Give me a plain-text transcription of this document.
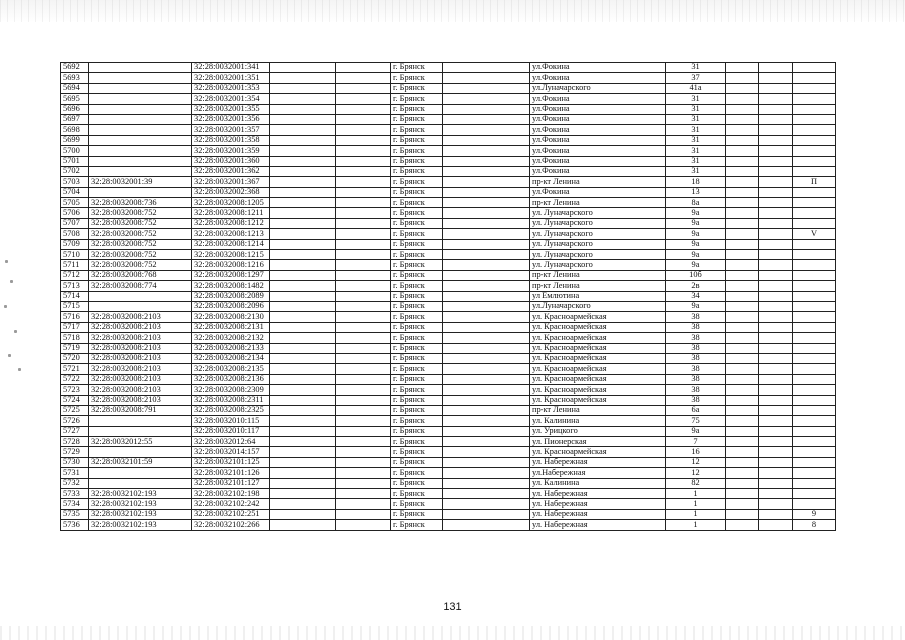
5692		32:28:0032001:341			г. Брянск		ул.Фокина	31			
5693		32:28:0032001:351			г. Брянск		ул.Фокина	37			
5694		32:28:0032001:353			г. Брянск		ул.Луначарского	41а			
5695		32:28:0032001:354			г. Брянск		ул.Фокина	31			
5696		32:28:0032001:355			г. Брянск		ул.Фокина	31			
5697		32:28:0032001:356			г. Брянск		ул.Фокина	31			
5698		32:28:0032001:357			г. Брянск		ул.Фокина	31			
5699		32:28:0032001:358			г. Брянск		ул.Фокина	31			
5700		32:28:0032001:359			г. Брянск		ул.Фокина	31			
5701		32:28:0032001:360			г. Брянск		ул.Фокина	31			
5702		32:28:0032001:362			г. Брянск		ул.Фокина	31			
5703	32:28:0032001:39	32:28:0032001:367			г. Брянск		пр-кт Ленина	18			П
5704		32:28:0032002:368			г. Брянск		ул.Фокина	13			
5705	32:28:0032008:736	32:28:0032008:1205			г. Брянск		пр-кт Ленина	8а			
5706	32:28:0032008:752	32:28:0032008:1211			г. Брянск		ул. Луначарского	9а			
5707	32:28:0032008:752	32:28:0032008:1212			г. Брянск		ул. Луначарского	9а			
5708	32:28:0032008:752	32:28:0032008:1213			г. Брянск		ул. Луначарского	9а			V
5709	32:28:0032008:752	32:28:0032008:1214			г. Брянск		ул. Луначарского	9а			
5710	32:28:0032008:752	32:28:0032008:1215			г. Брянск		ул. Луначарского	9а			
5711	32:28:0032008:752	32:28:0032008:1216			г. Брянск		ул. Луначарского	9а			
5712	32:28:0032008:768	32:28:0032008:1297			г. Брянск		пр-кт Ленина	10б			
5713	32:28:0032008:774	32:28:0032008:1482			г. Брянск		пр-кт Ленина	2в			
5714		32:28:0032008:2089			г. Брянск		ул Емлютина	34			
5715		32:28:0032008:2096			г. Брянск		ул.Луначарского	9а			
5716	32:28:0032008:2103	32:28:0032008:2130			г. Брянск		ул. Красноармейская	38			
5717	32:28:0032008:2103	32:28:0032008:2131			г. Брянск		ул. Красноармейская	38			
5718	32:28:0032008:2103	32:28:0032008:2132			г. Брянск		ул. Красноармейская	38			
5719	32:28:0032008:2103	32:28:0032008:2133			г. Брянск		ул. Красноармейская	38			
5720	32:28:0032008:2103	32:28:0032008:2134			г. Брянск		ул. Красноармейская	38			
5721	32:28:0032008:2103	32:28:0032008:2135			г. Брянск		ул. Красноармейская	38			
5722	32:28:0032008:2103	32:28:0032008:2136			г. Брянск		ул. Красноармейская	38			
5723	32:28:0032008:2103	32:28:0032008:2309			г. Брянск		ул. Красноармейская	38			
5724	32:28:0032008:2103	32:28:0032008:2311			г. Брянск		ул. Красноармейская	38			
5725	32:28:0032008:791	32:28:0032008:2325			г. Брянск		пр-кт Ленина	6а			
5726		32:28:0032010:115			г. Брянск		ул. Калинина	75			
5727		32:28:0032010:117			г. Брянск		ул. Урицкого	9а			
5728	32:28:0032012:55	32:28:0032012:64			г. Брянск		ул. Пионерская	7			
5729		32:28:0032014:157			г. Брянск		ул. Красноармейская	16			
5730	32:28:0032101:59	32:28:0032101:125			г. Брянск		ул. Набережная	12			
5731		32:28:0032101:126			г. Брянск		ул.Набережная	12			
5732		32:28:0032101:127			г. Брянск		ул. Калинина	82			
5733	32:28:0032102:193	32:28:0032102:198			г. Брянск		ул. Набережная	1			
5734	32:28:0032102:193	32:28:0032102:242			г. Брянск		ул. Набережная	1			
5735	32:28:0032102:193	32:28:0032102:251			г. Брянск		ул. Набережная	1			9
5736	32:28:0032102:193	32:28:0032102:266			г. Брянск		ул. Набережная	1			8
131
